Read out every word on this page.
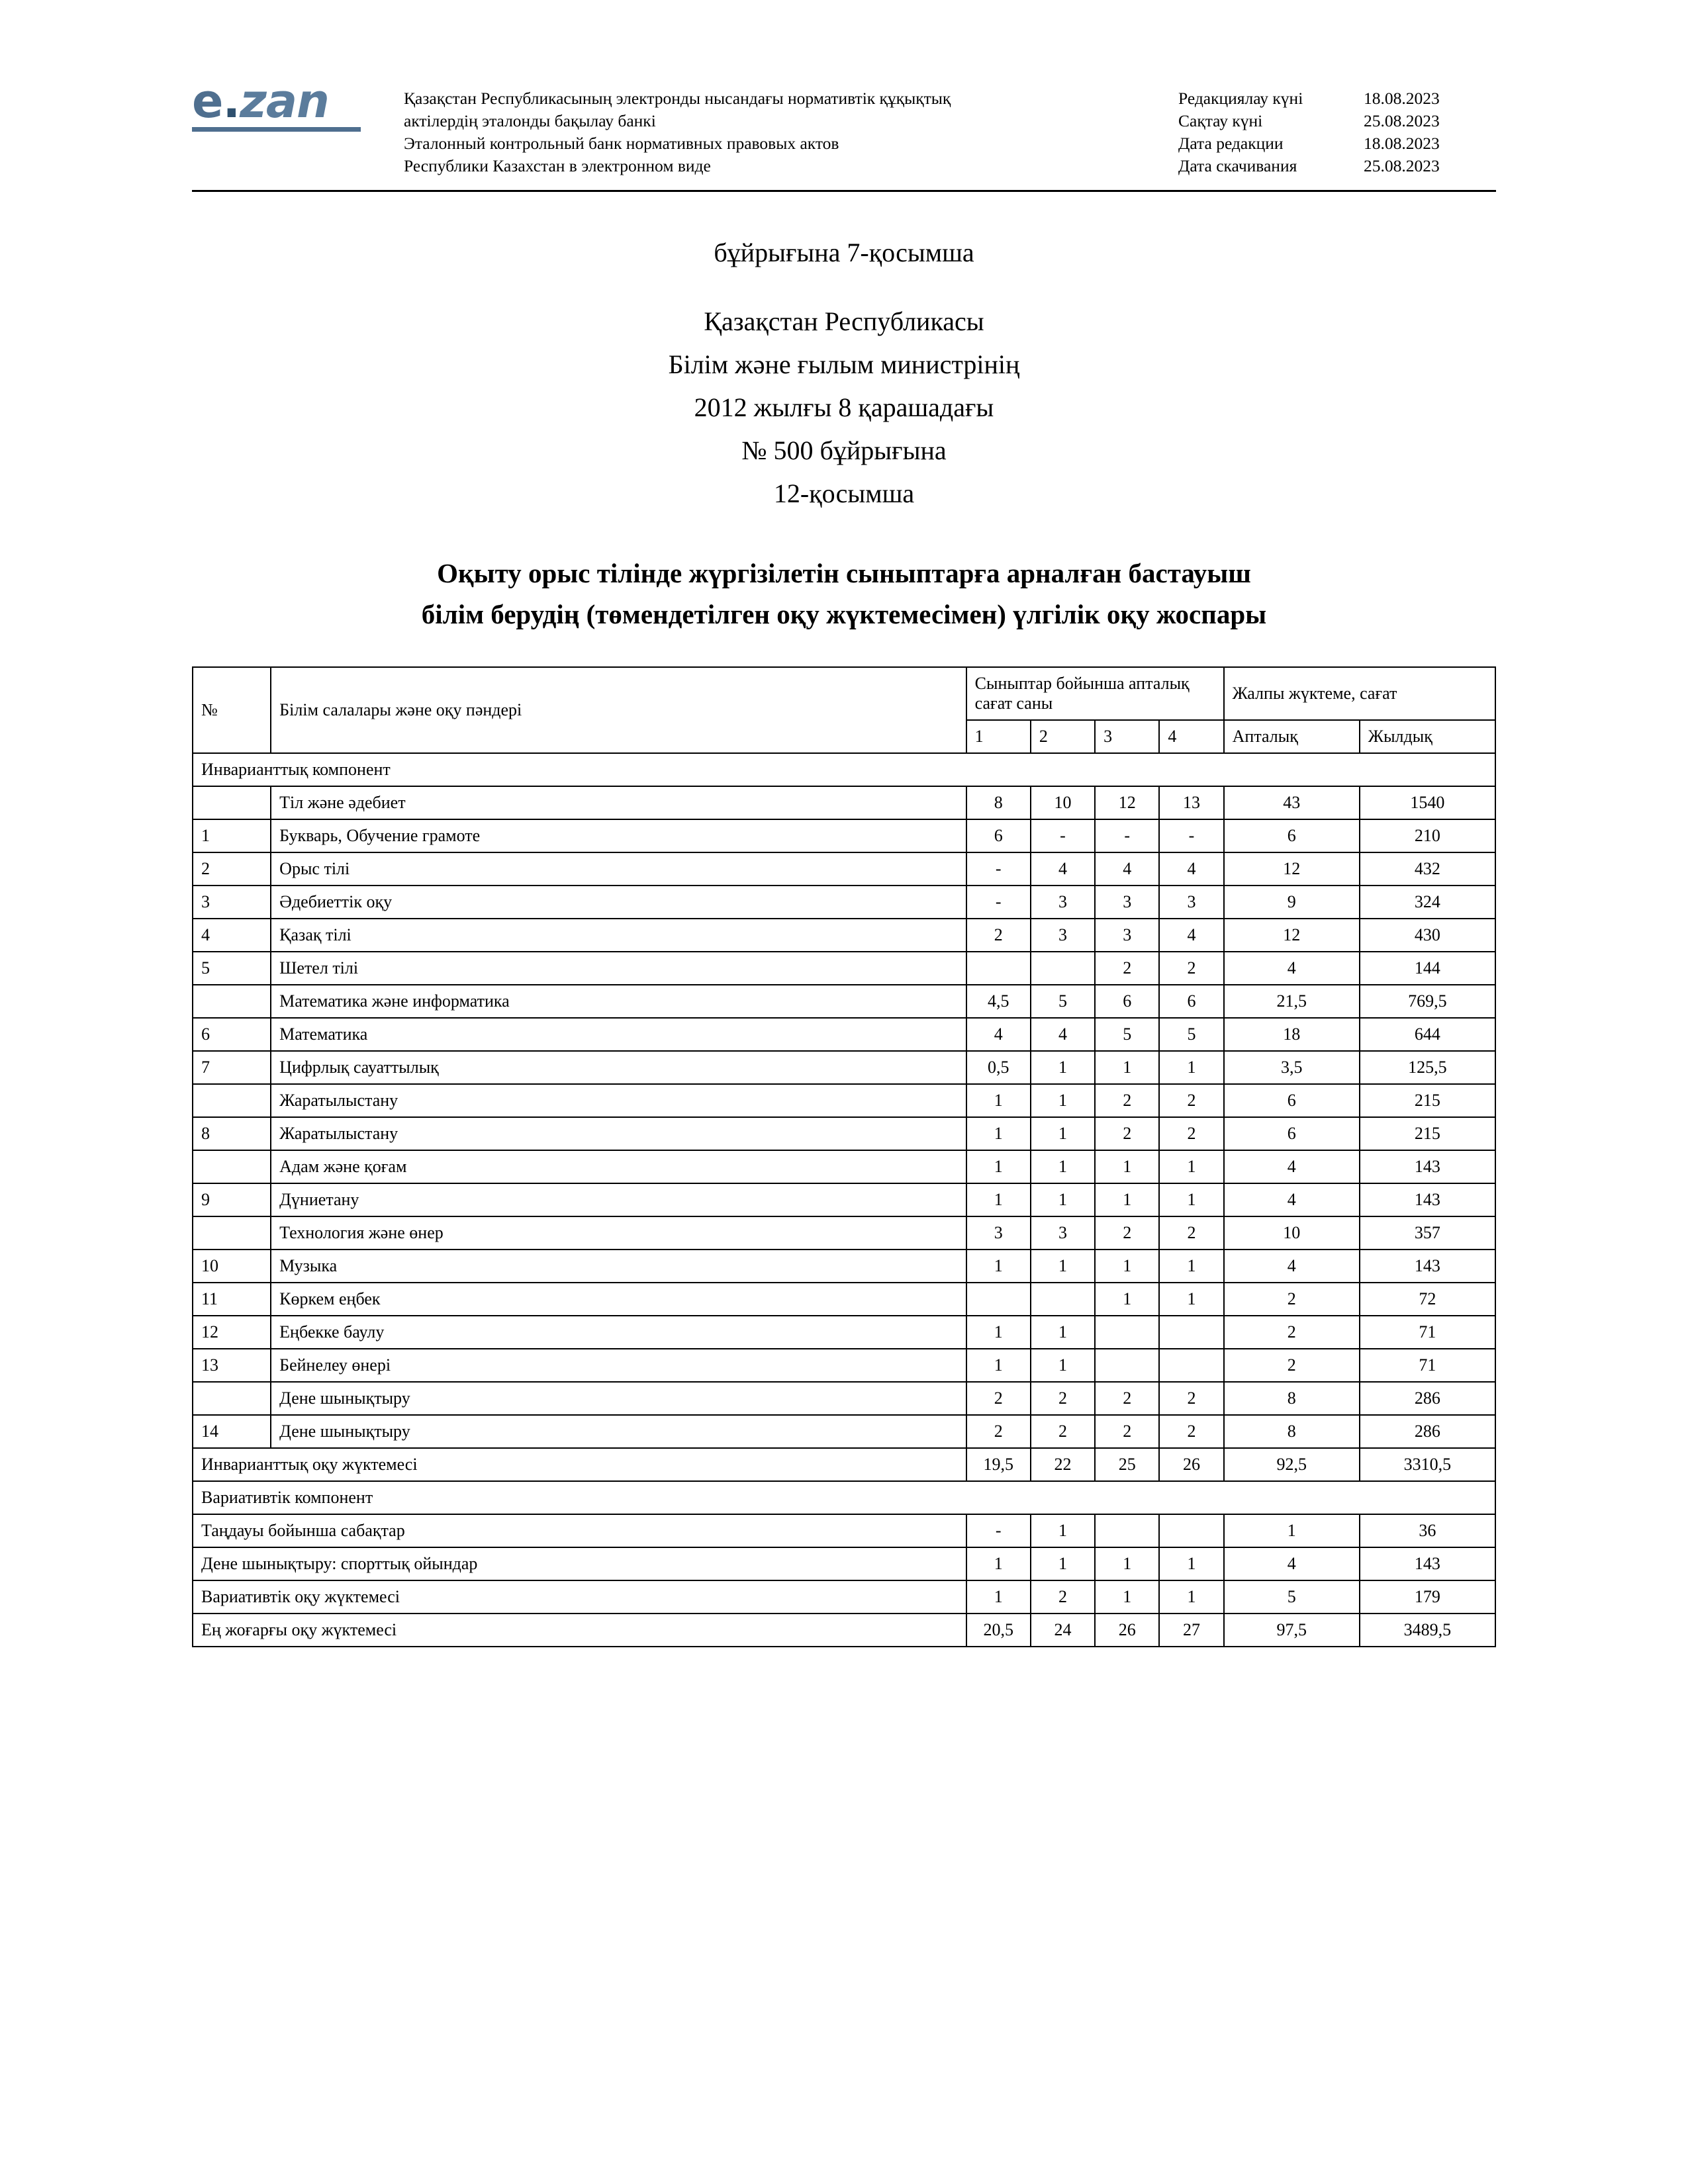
e.zan	Қазақстан Республикасының электронды нысандағы нормативтік құқықтық
актілердің эталонды бақылау банкі
Эталонный контрольный банк нормативных правовых актов
Республики Казахстан в электронном виде
Редакциялау күні	18.08.2023
Сақтау күні	25.08.2023
Дата редакции	18.08.2023
Дата скачивания	25.08.2023
бұйрығына 7-қосымша
Қазақстан Республикасы
Білім және ғылым министрінің
2012 жылғы 8 қарашадағы
№ 500 бұйрығына
12-қосымша
Оқыту орыс тілінде жүргізілетін сыныптарға арналған бастауыш
білім берудің (төмендетілген оқу жүктемесімен) үлгілік оқу жоспары
№	Білім салалары және оқу пәндері	Сыныптар бойынша апталық сағат саны				Жалпы жүктеме, сағат	
		1	2	3	4	Апталық	Жылдық
Инварианттық компонент							
	Тіл және әдебиет	8	10	12	13	43	1540
1	Букварь, Обучение грамоте	6	-	-	-	6	210
2	Орыс тілі	-	4	4	4	12	432
3	Әдебиеттік оқу	-	3	3	3	9	324
4	Қазақ тілі	2	3	3	4	12	430
5	Шетел тілі			2	2	4	144
	Математика және информатика	4,5	5	6	6	21,5	769,5
6	Математика	4	4	5	5	18	644
7	Цифрлық сауаттылық	0,5	1	1	1	3,5	125,5
	Жаратылыстану	1	1	2	2	6	215
8	Жаратылыстану	1	1	2	2	6	215
	Адам және қоғам	1	1	1	1	4	143
9	Дүниетану	1	1	1	1	4	143
	Технология және өнер	3	3	2	2	10	357
10	Музыка	1	1	1	1	4	143
11	Көркем еңбек			1	1	2	72
12	Еңбекке баулу	1	1			2	71
13	Бейнелеу өнері	1	1			2	71
	Дене шынықтыру	2	2	2	2	8	286
14	Дене шынықтыру	2	2	2	2	8	286
Инварианттық оқу жүктемесі		19,5	22	25	26	92,5	3310,5
Вариативтік компонент							
Таңдауы бойынша сабақтар		-	1			1	36
Дене шынықтыру: спорттық ойындар		1	1	1	1	4	143
Вариативтік оқу жүктемесі		1	2	1	1	5	179
Ең жоғарғы оқу жүктемесі		20,5	24	26	27	97,5	3489,5
